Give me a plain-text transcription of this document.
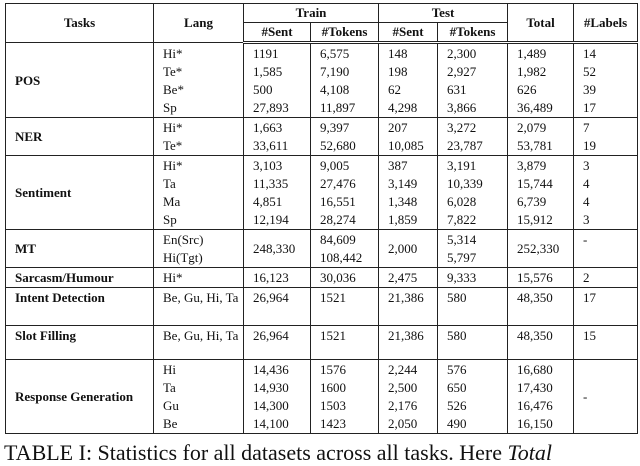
Tasks	Lang	Train		Test		Total	#Labels
		#Sent	#Tokens	#Sent	#Tokens		
POS	Hi*	1191	6,575	148	2,300	1,489	14
	Te*	1,585	7,190	198	2,927	1,982	52
	Be*	500	4,108	62	631	626	39
	Sp	27,893	11,897	4,298	3,866	36,489	17
NER	Hi*	1,663	9,397	207	3,272	2,079	7
	Te*	33,611	52,680	10,085	23,787	53,781	19
Sentiment	Hi*	3,103	9,005	387	3,191	3,879	3
	Ta	11,335	27,476	3,149	10,339	15,744	4
	Ma	4,851	16,551	1,348	6,028	6,739	4
	Sp	12,194	28,274	1,859	7,822	15,912	3
MT	En(Src)	248,330	84,609	2,000	5,314	252,330	-
	Hi(Tgt)		108,442		5,797		
Sarcasm/Humour	Hi*	16,123	30,036	2,475	9,333	15,576	2
Intent Detection	Be, Gu, Hi, Ta	26,964	1521	21,386	580	48,350	17
Slot Filling	Be, Gu, Hi, Ta	26,964	1521	21,386	580	48,350	15
Response Generation	Hi	14,436	1576	2,244	576	16,680	-
	Ta	14,930	1600	2,500	650	17,430	
	Gu	14,300	1503	2,176	526	16,476	
	Be	14,100	1423	2,050	490	16,150	
TABLE I: Statistics for all datasets across all tasks. Here Total
